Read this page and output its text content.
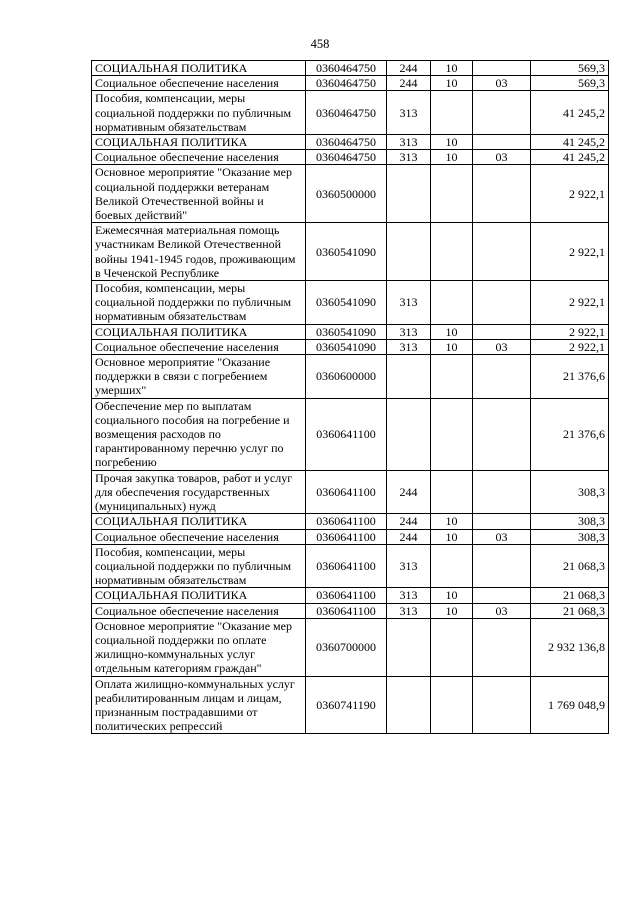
458
СОЦИАЛЬНАЯ ПОЛИТИКА	0360464750	244	10		569,3
Социальное обеспечение населения	0360464750	244	10	03	569,3
Пособия, компенсации, меры социальной поддержки по публичным нормативным обязательствам	0360464750	313			41 245,2
СОЦИАЛЬНАЯ ПОЛИТИКА	0360464750	313	10		41 245,2
Социальное обеспечение населения	0360464750	313	10	03	41 245,2
Основное мероприятие "Оказание мер социальной поддержки ветеранам Великой Отечественной войны и боевых действий"	0360500000				2 922,1
Ежемесячная материальная помощь участникам Великой Отечественной войны 1941-1945 годов, проживающим в Чеченской Республике	0360541090				2 922,1
Пособия, компенсации, меры социальной поддержки по публичным нормативным обязательствам	0360541090	313			2 922,1
СОЦИАЛЬНАЯ ПОЛИТИКА	0360541090	313	10		2 922,1
Социальное обеспечение населения	0360541090	313	10	03	2 922,1
Основное мероприятие "Оказание поддержки в связи с погребением умерших"	0360600000				21 376,6
Обеспечение мер по выплатам социального пособия на погребение и возмещения расходов по гарантированному перечню услуг по погребению	0360641100				21 376,6
Прочая закупка товаров, работ и услуг для обеспечения государственных (муниципальных) нужд	0360641100	244			308,3
СОЦИАЛЬНАЯ ПОЛИТИКА	0360641100	244	10		308,3
Социальное обеспечение населения	0360641100	244	10	03	308,3
Пособия, компенсации, меры социальной поддержки по публичным нормативным обязательствам	0360641100	313			21 068,3
СОЦИАЛЬНАЯ ПОЛИТИКА	0360641100	313	10		21 068,3
Социальное обеспечение населения	0360641100	313	10	03	21 068,3
Основное мероприятие "Оказание мер социальной поддержки по оплате жилищно-коммунальных услуг отдельным категориям граждан"	0360700000				2 932 136,8
Оплата жилищно-коммунальных услуг реабилитированным лицам и лицам, признанным пострадавшими от политических репрессий	0360741190				1 769 048,9
